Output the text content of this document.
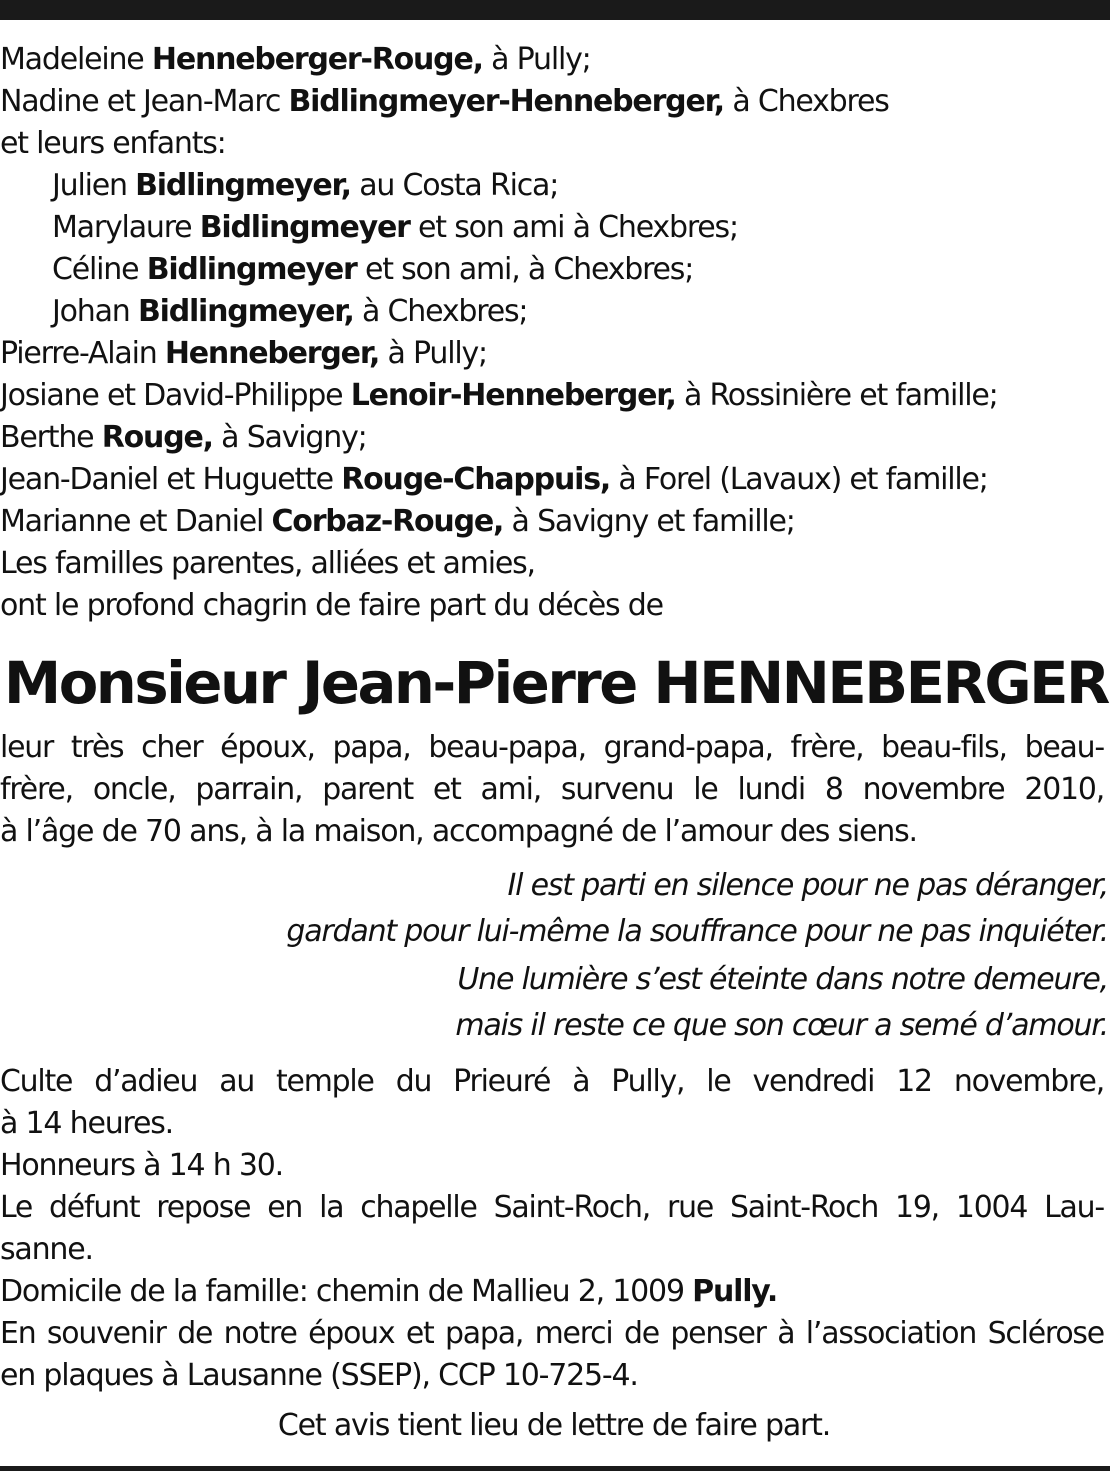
Madeleine Henneberger-Rouge, à Pully;
Nadine et Jean-Marc Bidlingmeyer-Henneberger, à Chexbres
et leurs enfants:
Julien Bidlingmeyer, au Costa Rica;
Marylaure Bidlingmeyer et son ami à Chexbres;
Céline Bidlingmeyer et son ami, à Chexbres;
Johan Bidlingmeyer, à Chexbres;
Pierre-Alain Henneberger, à Pully;
Josiane et David-Philippe Lenoir-Henneberger, à Rossinière et famille;
Berthe Rouge, à Savigny;
Jean-Daniel et Huguette Rouge-Chappuis, à Forel (Lavaux) et famille;
Marianne et Daniel Corbaz-Rouge, à Savigny et famille;
Les familles parentes, alliées et amies,
ont le profond chagrin de faire part du décès de
Monsieur Jean-Pierre HENNEBERGER
leur très cher époux, papa, beau-papa, grand-papa, frère, beau-fils, beau-
frère, oncle, parrain, parent et ami, survenu le lundi 8 novembre 2010,
à l’âge de 70 ans, à la maison, accompagné de l’amour des siens.
Il est parti en silence pour ne pas déranger,
gardant pour lui-même la souffrance pour ne pas inquiéter.
Une lumière s’est éteinte dans notre demeure,
mais il reste ce que son cœur a semé d’amour.
Culte d’adieu au temple du Prieuré à Pully, le vendredi 12 novembre,
à 14 heures.
Honneurs à 14 h 30.
Le défunt repose en la chapelle Saint-Roch, rue Saint-Roch 19, 1004 Lau-
sanne.
Domicile de la famille: chemin de Mallieu 2, 1009 Pully.
En souvenir de notre époux et papa, merci de penser à l’association Sclérose
en plaques à Lausanne (SSEP), CCP 10-725-4.
Cet avis tient lieu de lettre de faire part.
